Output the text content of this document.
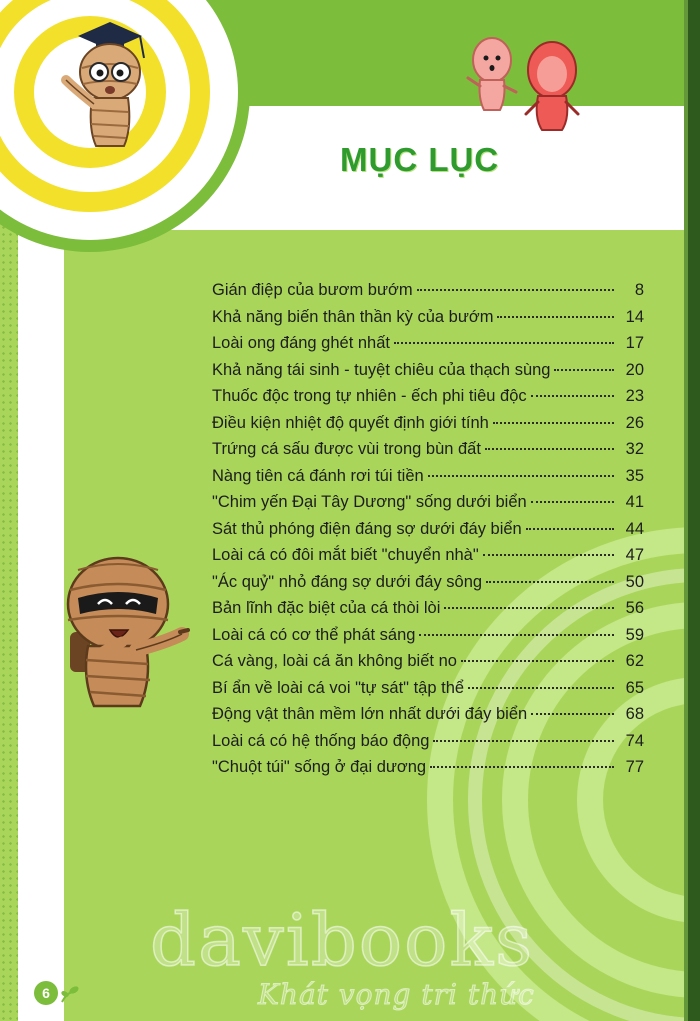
MỤC LỤC
Gián điệp của bươm bướm	8
Khả năng biến thân thần kỳ của bướm	14
Loài ong đáng ghét nhất	17
Khả năng tái sinh - tuyệt chiêu của thạch sùng	20
Thuốc độc trong tự nhiên - ếch phi tiêu độc	23
Điều kiện nhiệt độ quyết định giới tính	26
Trứng cá sấu được vùi trong bùn đất	32
Nàng tiên cá đánh rơi túi tiền	35
"Chim yến Đại Tây Dương" sống dưới biển	41
Sát thủ phóng điện đáng sợ dưới đáy biển	44
Loài cá có đôi mắt biết "chuyển nhà"	47
"Ác quỷ" nhỏ đáng sợ dưới đáy sông	50
Bản lĩnh đặc biệt của cá thòi lòi	56
Loài cá có cơ thể phát sáng	59
Cá vàng, loài cá ăn không biết no	62
Bí ẩn về loài cá voi "tự sát" tập thể	65
Động vật thân mềm lớn nhất dưới đáy biển	68
Loài cá có hệ thống báo động	74
"Chuột túi" sống ở đại dương	77
davibooks
Khát vọng tri thức
6
